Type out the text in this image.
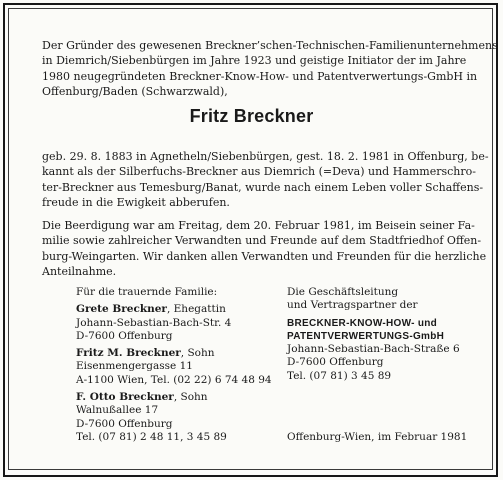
Der Gründer des gewesenen Breckner’schen-Technischen-Familienunternehmens
in Diemrich/Siebenbürgen im Jahre 1923 und geistige Initiator der im Jahre
1980 neugegründeten Breckner-Know-How- und Patentverwertungs-GmbH in
Offenburg/Baden (Schwarzwald),

Fritz Breckner

geb. 29. 8. 1883 in Agnetheln/Siebenbürgen, gest. 18. 2. 1981 in Offenburg, be-
kannt als der Silberfuchs-Breckner aus Diemrich (=Deva) und Hammerschro-
ter-Breckner aus Temesburg/Banat, wurde nach einem Leben voller Schaffens-
freude in die Ewigkeit abberufen.

Die Beerdigung war am Freitag, dem 20. Februar 1981, im Beisein seiner Fa-
milie sowie zahlreicher Verwandten und Freunde auf dem Stadtfriedhof Offen-
burg-Weingarten. Wir danken allen Verwandten und Freunden für die herzliche
Anteilnahme.

Für die trauernde Familie:
Grete Breckner, Ehegattin
Johann-Sebastian-Bach-Str. 4
D-7600 Offenburg
Fritz M. Breckner, Sohn
Eisenmengergasse 11
A-1100 Wien, Tel. (02 22) 6 74 48 94
F. Otto Breckner, Sohn
Walnußallee 17
D-7600 Offenburg
Tel. (07 81) 2 48 11, 3 45 89
Die Geschäftsleitung
und Vertragspartner der
BRECKNER-KNOW-HOW- und
PATENTVERWERTUNGS-GmbH
Johann-Sebastian-Bach-Straße 6
D-7600 Offenburg
Tel. (07 81) 3 45 89
Offenburg-Wien, im Februar 1981
